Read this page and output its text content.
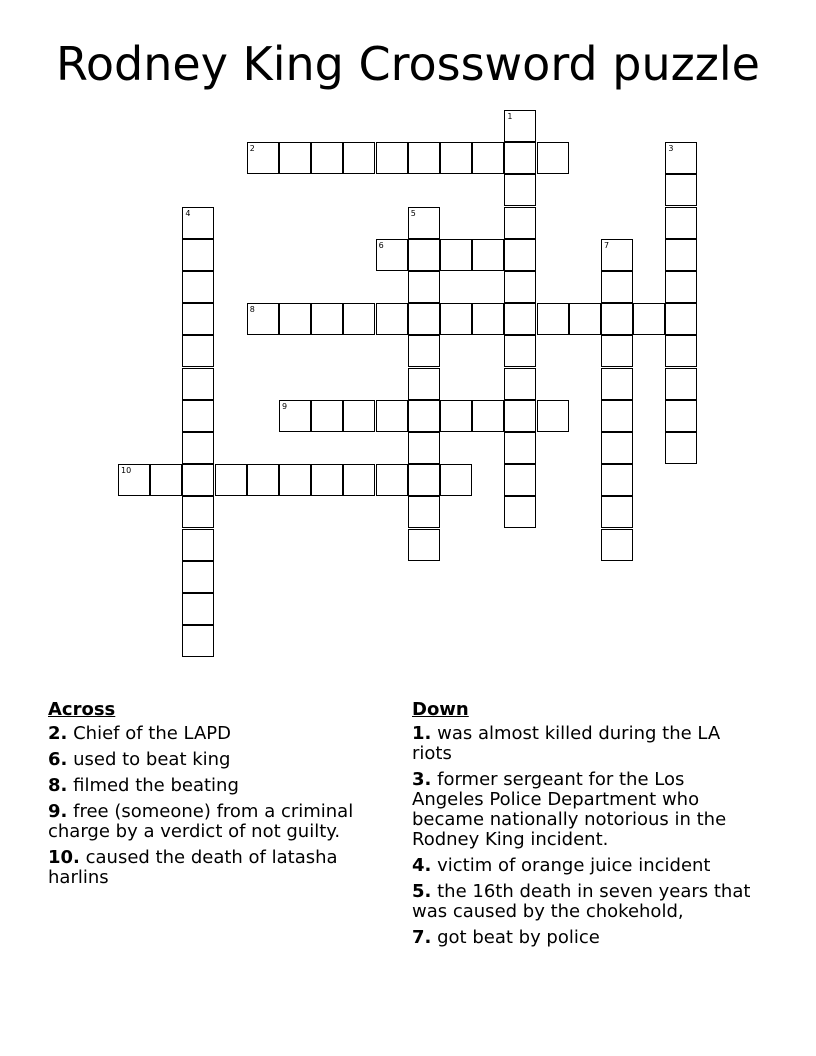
Rodney King Crossword puzzle
1
2	3
4	5
6	7
8
9
10
Across
2. Chief of the LAPD
6. used to beat king
8. filmed the beating
9. free (someone) from a criminal charge by a verdict of not guilty.
10. caused the death of latasha harlins
Down
1. was almost killed during the LA riots
3. former sergeant for the Los Angeles Police Department who became nationally notorious in the Rodney King incident.
4. victim of orange juice incident
5. the 16th death in seven years that was caused by the chokehold,
7. got beat by police
